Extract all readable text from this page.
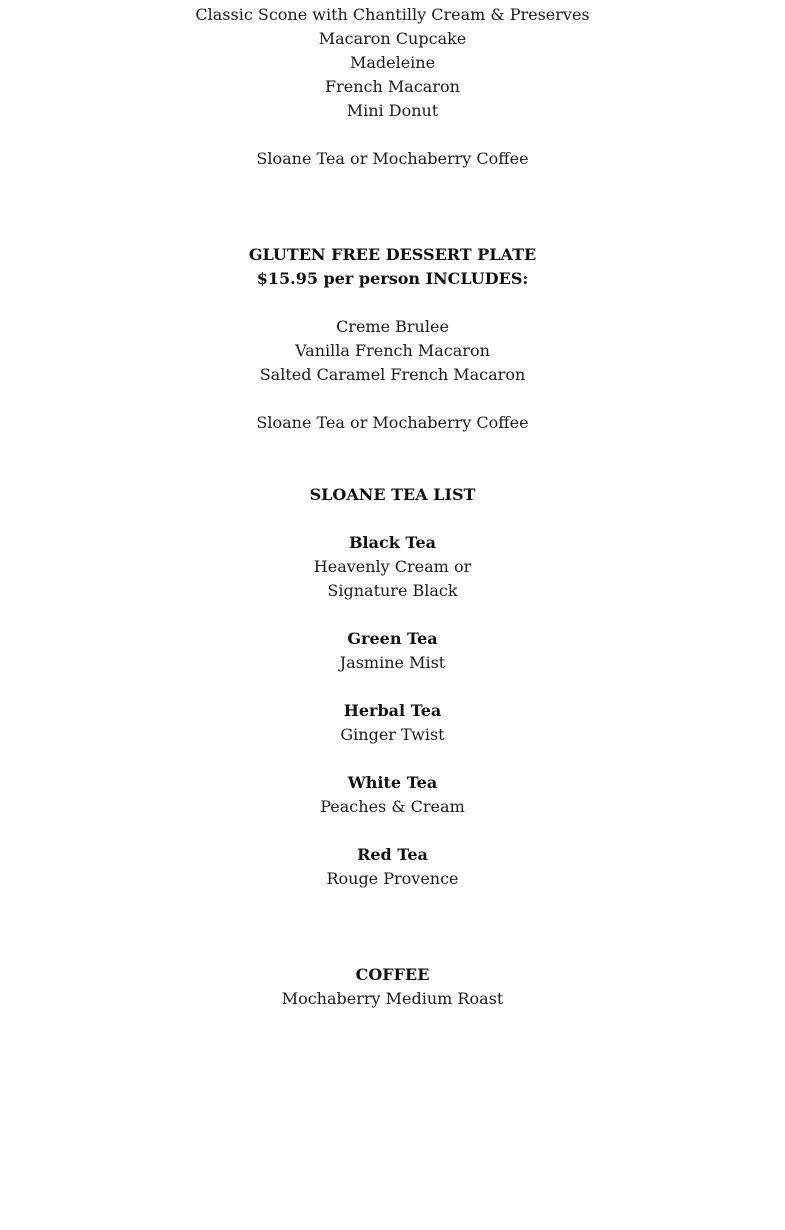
Classic Scone with Chantilly Cream & Preserves
Macaron Cupcake
Madeleine
French Macaron
Mini Donut
Sloane Tea or Mochaberry Coffee
GLUTEN FREE DESSERT PLATE
$15.95 per person INCLUDES:
Creme Brulee
Vanilla French Macaron
Salted Caramel French Macaron
Sloane Tea or Mochaberry Coffee
SLOANE TEA LIST
Black Tea
Heavenly Cream or
Signature Black
Green Tea
Jasmine Mist
Herbal Tea
Ginger Twist
White Tea
Peaches & Cream
Red Tea
Rouge Provence
COFFEE
Mochaberry Medium Roast
